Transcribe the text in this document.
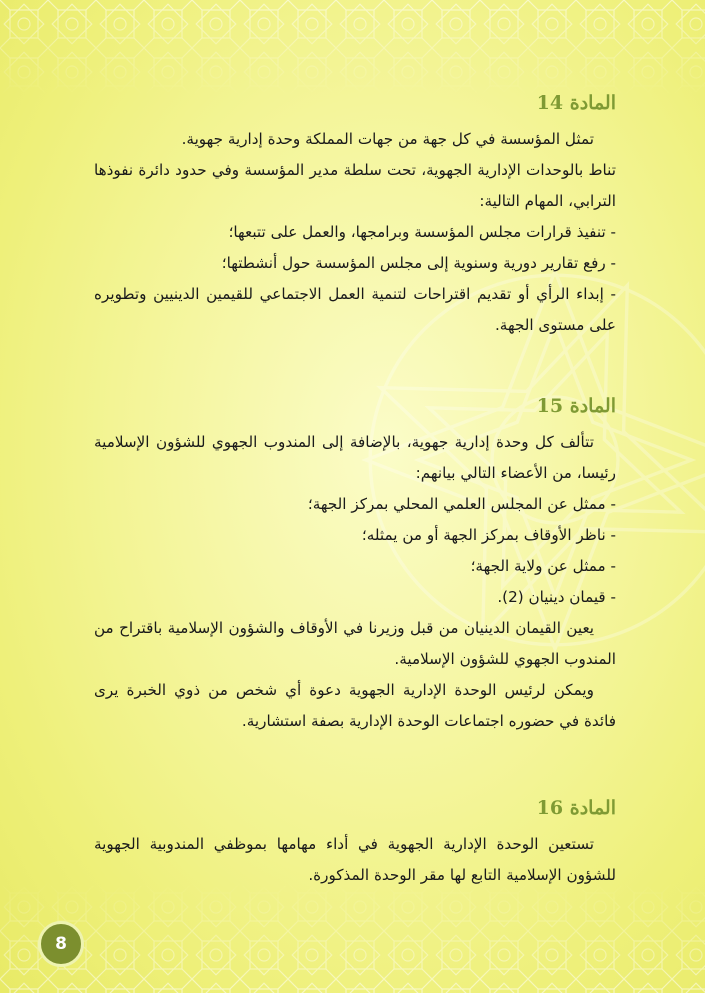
المادة 14

تمثل المؤسسة في كل جهة من جهات المملكة وحدة إدارية جهوية.

تناط بالوحدات الإدارية الجهوية، تحت سلطة مدير المؤسسة وفي حدود دائرة نفوذها الترابي، المهام التالية:

- تنفيذ قرارات مجلس المؤسسة وبرامجها، والعمل على تتبعها؛

- رفع تقارير دورية وسنوية إلى مجلس المؤسسة حول أنشطتها؛

- إبداء الرأي أو تقديم اقتراحات لتنمية العمل الاجتماعي للقيمين الدينيين وتطويره على مستوى الجهة.

المادة 15

تتألف كل وحدة إدارية جهوية، بالإضافة إلى المندوب الجهوي للشؤون الإسلامية رئيسا، من الأعضاء التالي بيانهم:

- ممثل عن المجلس العلمي المحلي بمركز الجهة؛

- ناظر الأوقاف بمركز الجهة أو من يمثله؛

- ممثل عن ولاية الجهة؛

- قيمان دينيان (2).

يعين القيمان الدينيان من قبل وزيرنا في الأوقاف والشؤون الإسلامية باقتراح من المندوب الجهوي للشؤون الإسلامية.

ويمكن لرئيس الوحدة الإدارية الجهوية دعوة أي شخص من ذوي الخبرة يرى فائدة في حضوره اجتماعات الوحدة الإدارية بصفة استشارية.

المادة 16

تستعين الوحدة الإدارية الجهوية في أداء مهامها بموظفي المندوبية الجهوية للشؤون الإسلامية التابع لها مقر الوحدة المذكورة.

8
